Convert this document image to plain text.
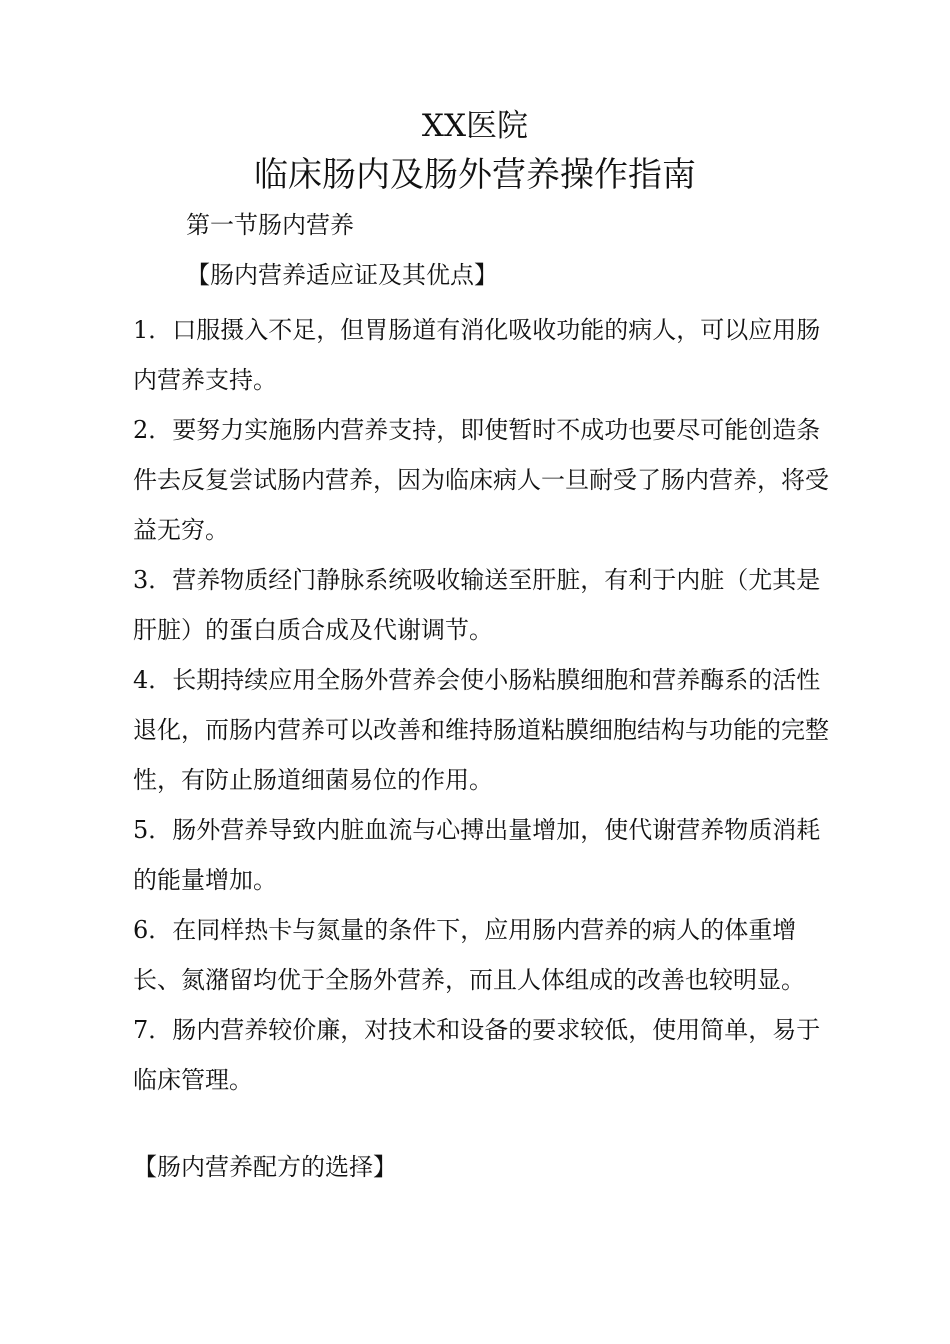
XX医院
临床肠内及肠外营养操作指南
第一节肠内营养
【肠内营养适应证及其优点】
1．口服摄入不足，但胃肠道有消化吸收功能的病人，可以应用肠内营养支持。
2．要努力实施肠内营养支持，即使暂时不成功也要尽可能创造条件去反复尝试肠内营养，因为临床病人一旦耐受了肠内营养，将受益无穷。
3．营养物质经门静脉系统吸收输送至肝脏，有利于内脏（尤其是肝脏）的蛋白质合成及代谢调节。
4．长期持续应用全肠外营养会使小肠粘膜细胞和营养酶系的活性退化，而肠内营养可以改善和维持肠道粘膜细胞结构与功能的完整性，有防止肠道细菌易位的作用。
5．肠外营养导致内脏血流与心搏出量增加，使代谢营养物质消耗的能量增加。
6．在同样热卡与氮量的条件下，应用肠内营养的病人的体重增长、氮潴留均优于全肠外营养，而且人体组成的改善也较明显。
7．肠内营养较价廉，对技术和设备的要求较低，使用简单，易于临床管理。
【肠内营养配方的选择】
